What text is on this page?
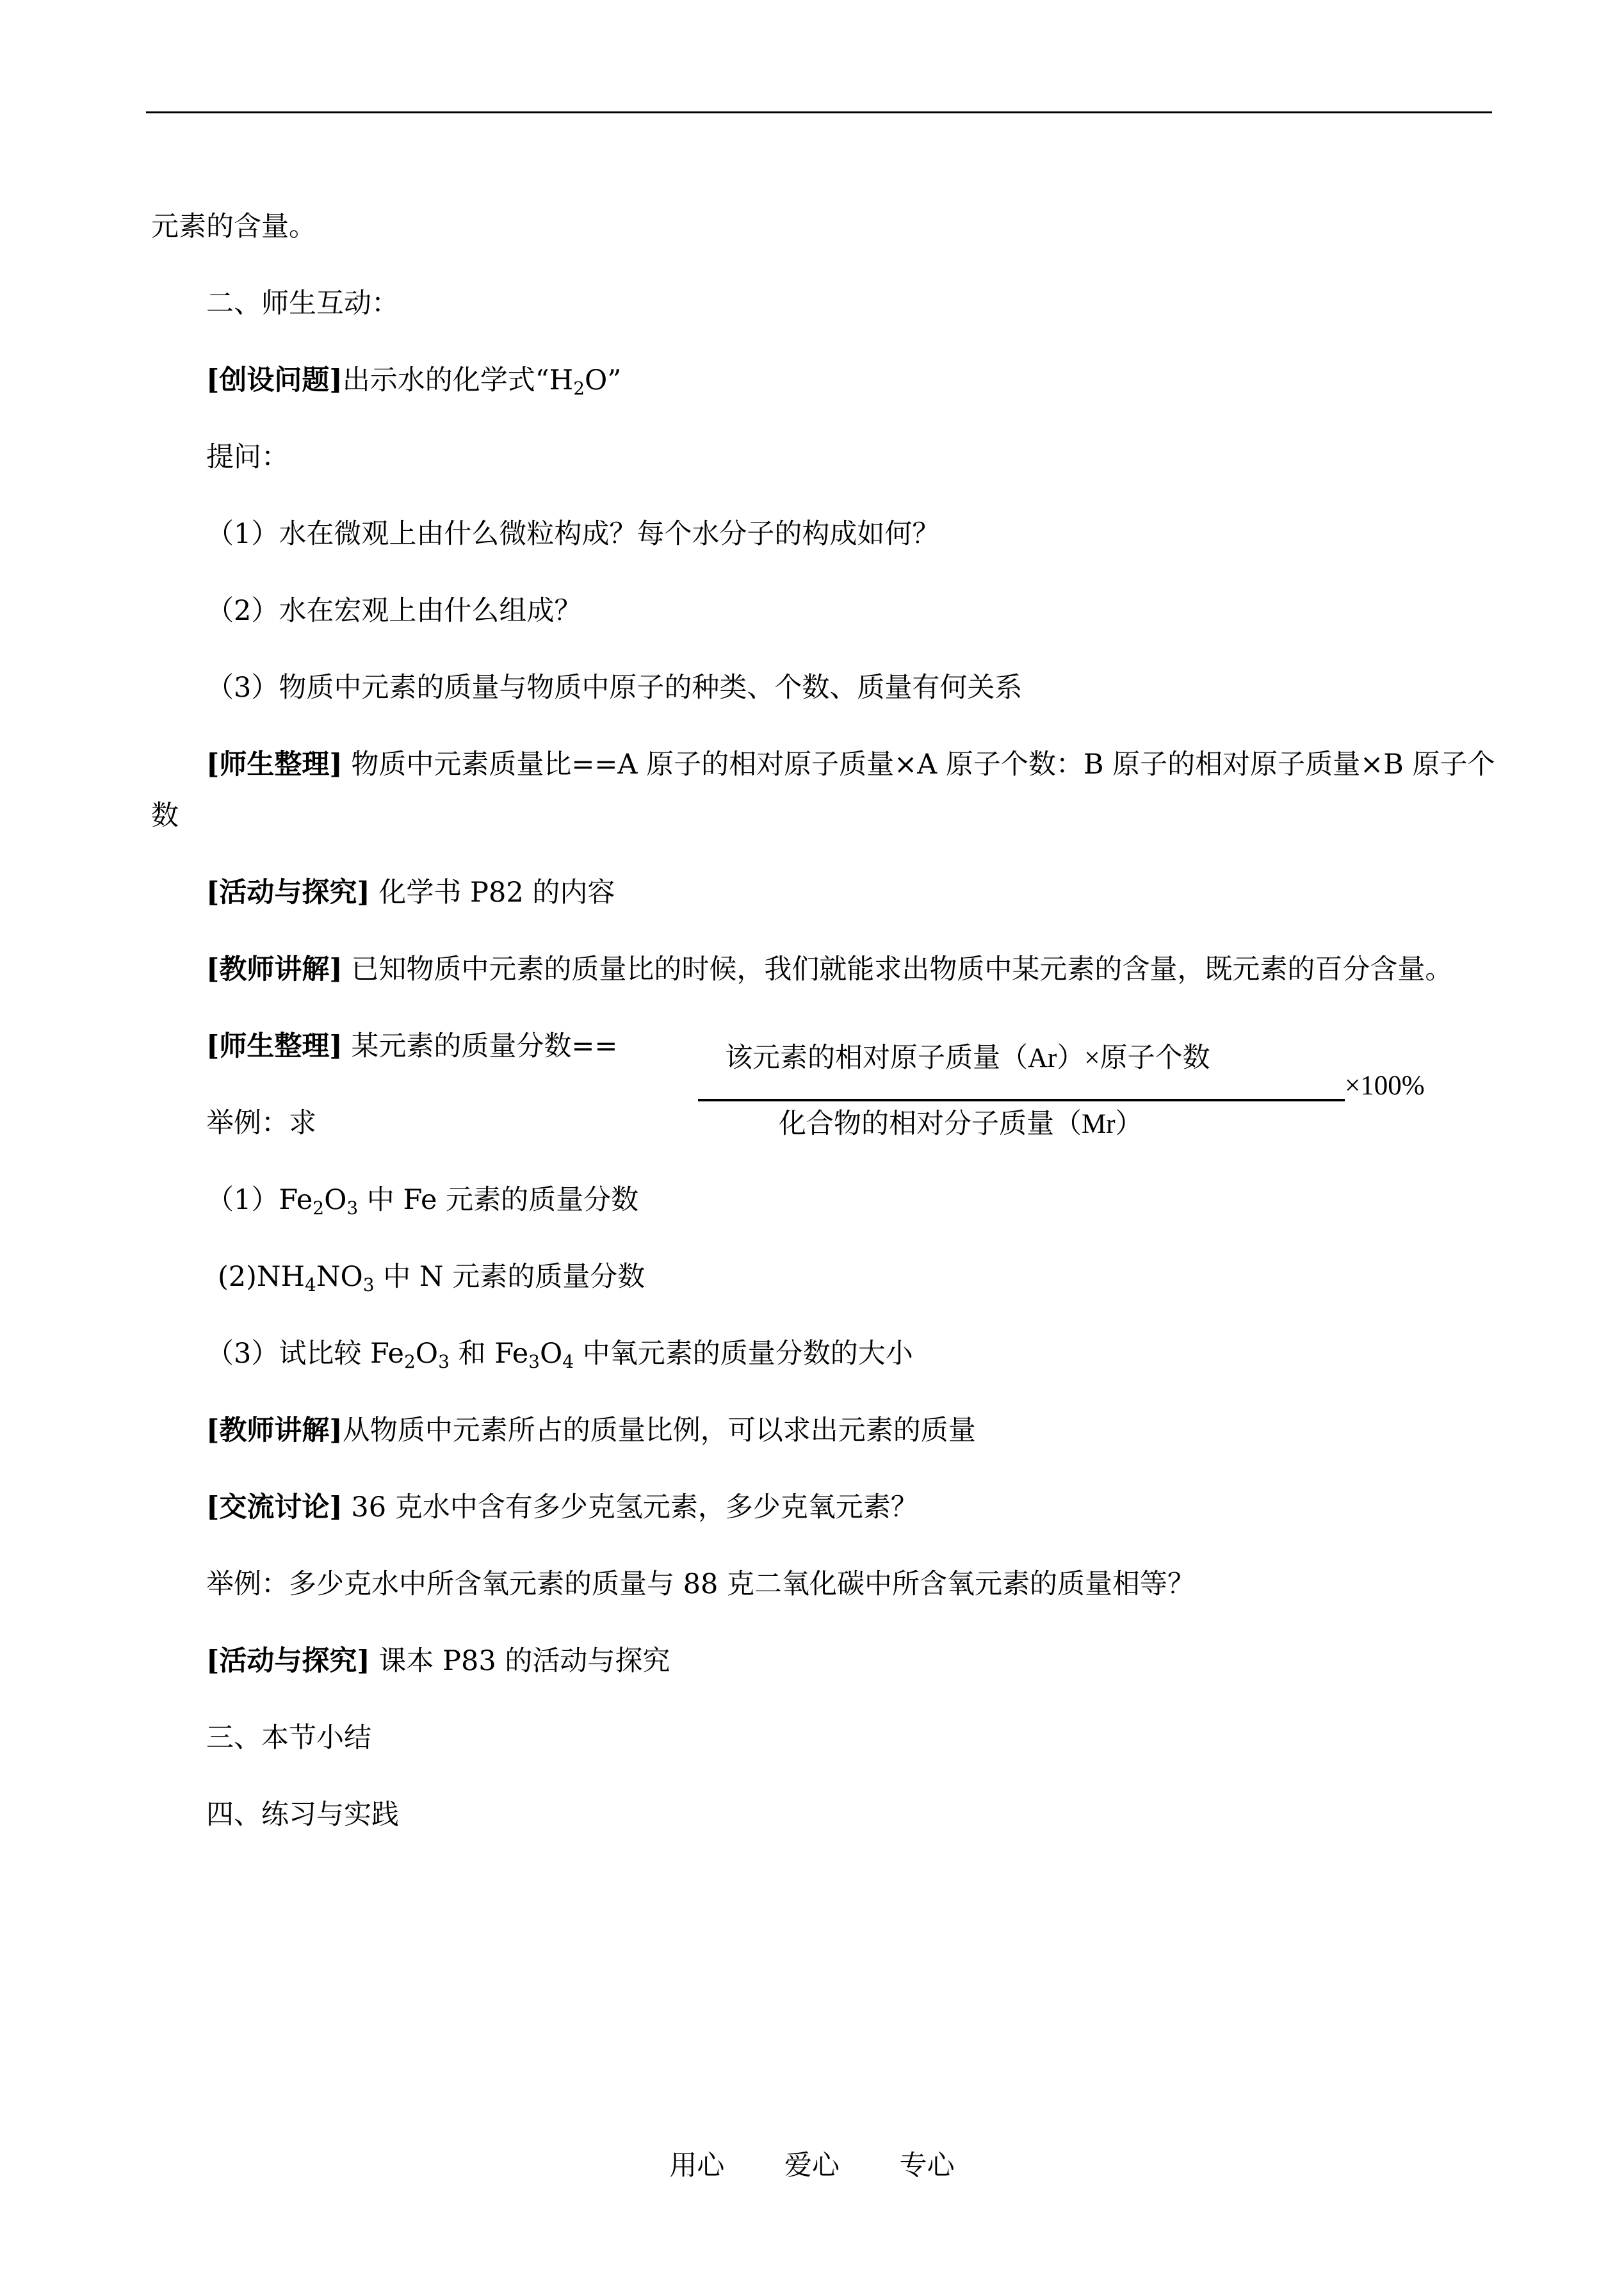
元素的含量。
二、师生互动：
[创设问题]出示水的化学式“$H_2O$”
提问：
（1）水在微观上由什么微粒构成？每个水分子的构成如何？
（2）水在宏观上由什么组成？
（3）物质中元素的质量与物质中原子的种类、个数、质量有何关系
[师生整理] 物质中元素质量比==A 原子的相对原子质量×A 原子个数：B 原子的相对原子质量×B 原子个
数
[活动与探究] 化学书 P82 的内容
[教师讲解] 已知物质中元素的质量比的时候，我们就能求出物质中某元素的含量，既元素的百分含量。
[师生整理] 某元素的质量分数==	该元素的相对原子质量（Ar）×原子个数
×100%
化合物的相对分子质量（Mr）
举例：求
$(1)Fe_2O_3$ 中 Fe 元素的质量分数
$(2)NH_4NO_3$ 中 N 元素的质量分数
（3）试比较 $Fe_2O_3$ 和 $Fe_3O_4$ 中氧元素的质量分数的大小
[教师讲解]从物质中元素所占的质量比例，可以求出元素的质量
[交流讨论] 36 克水中含有多少克氢元素，多少克氧元素？
举例：多少克水中所含氧元素的质量与 88 克二氧化碳中所含氧元素的质量相等？
[活动与探究] 课本 P83 的活动与探究
三、本节小结
四、练习与实践
用心 爱心 专心
